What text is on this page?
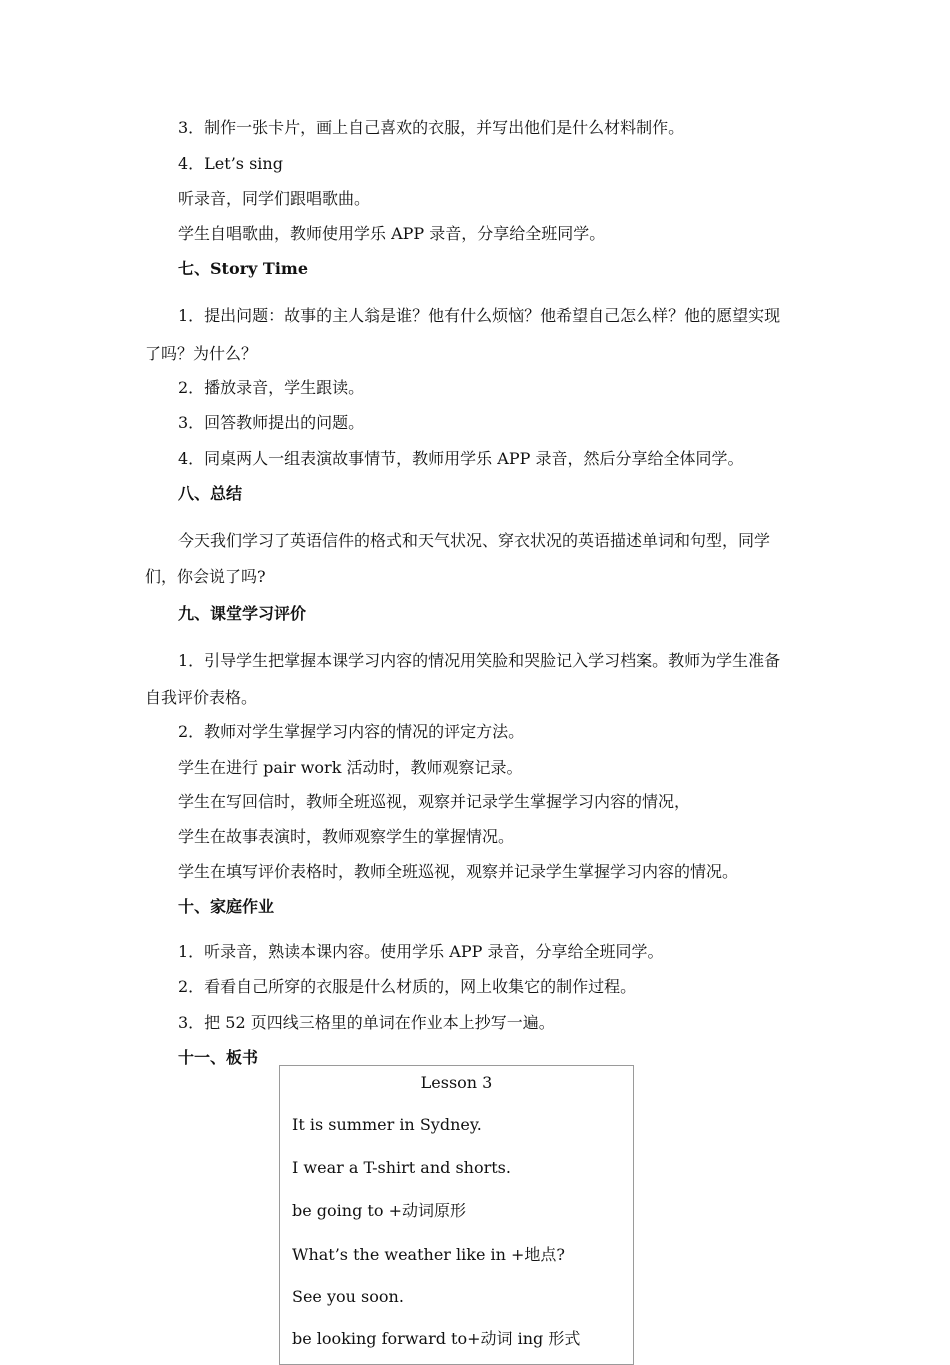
3．制作一张卡片，画上自己喜欢的衣服，并写出他们是什么材料制作。

4．Let’s sing

听录音，同学们跟唱歌曲。

学生自唱歌曲，教师使用学乐 APP 录音，分享给全班同学。

七、Story Time

1．提出问题：故事的主人翁是谁？他有什么烦恼？他希望自己怎么样？他的愿望实现

了吗？为什么？

2．播放录音，学生跟读。

3．回答教师提出的问题。

4．同桌两人一组表演故事情节，教师用学乐 APP 录音，然后分享给全体同学。

八、总结

今天我们学习了英语信件的格式和天气状况、穿衣状况的英语描述单词和句型，同学

们，你会说了吗?

九、课堂学习评价

1．引导学生把掌握本课学习内容的情况用笑脸和哭脸记入学习档案。教师为学生准备

自我评价表格。

2．教师对学生掌握学习内容的情况的评定方法。

学生在进行 pair work 活动时，教师观察记录。

学生在写回信时，教师全班巡视，观察并记录学生掌握学习内容的情况，

学生在故事表演时，教师观察学生的掌握情况。

学生在填写评价表格时，教师全班巡视，观察并记录学生掌握学习内容的情况。

十、家庭作业

1．听录音，熟读本课内容。使用学乐 APP 录音，分享给全班同学。

2．看看自己所穿的衣服是什么材质的，网上收集它的制作过程。

3．把 52 页四线三格里的单词在作业本上抄写一遍。

十一、板书

Lesson 3
It is summer in Sydney.
I wear a T-shirt and shorts.
be going to +动词原形
What’s the weather like in +地点?
See you soon.
be looking forward to+动词 ing 形式
